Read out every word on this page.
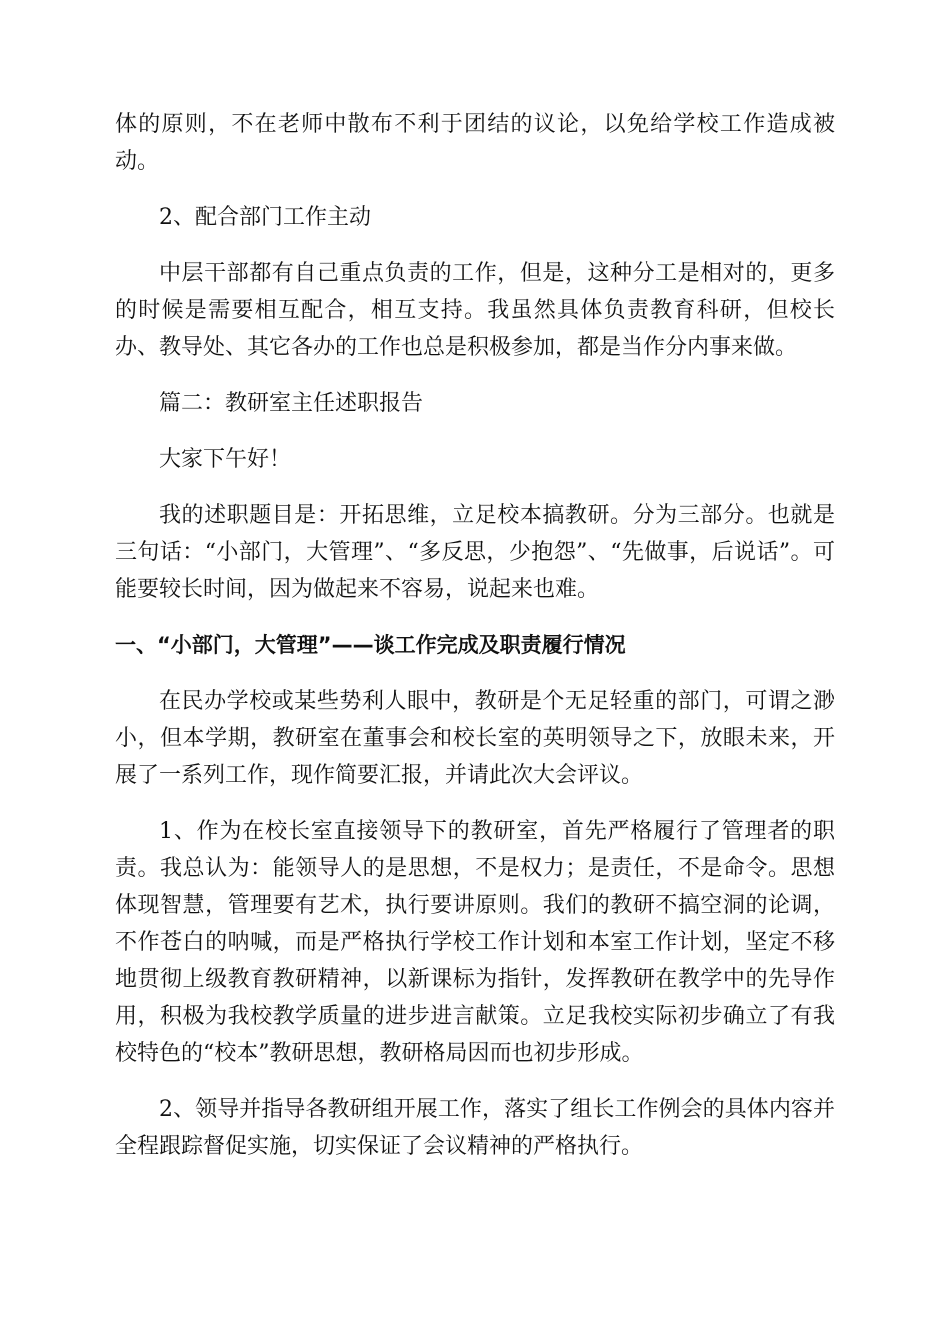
体的原则，不在老师中散布不利于团结的议论，以免给学校工作造成被动。

2、配合部门工作主动

中层干部都有自己重点负责的工作，但是，这种分工是相对的，更多的时候是需要相互配合，相互支持。我虽然具体负责教育科研，但校长办、教导处、其它各办的工作也总是积极参加，都是当作分内事来做。

篇二：教研室主任述职报告

大家下午好！

我的述职题目是：开拓思维，立足校本搞教研。分为三部分。也就是三句话：“小部门，大管理”、“多反思，少抱怨”、“先做事，后说话”。可能要较长时间，因为做起来不容易，说起来也难。

一、“小部门，大管理”——谈工作完成及职责履行情况

在民办学校或某些势利人眼中，教研是个无足轻重的部门，可谓之渺小，但本学期，教研室在董事会和校长室的英明领导之下，放眼未来，开展了一系列工作，现作简要汇报，并请此次大会评议。

1、作为在校长室直接领导下的教研室，首先严格履行了管理者的职责。我总认为：能领导人的是思想，不是权力；是责任，不是命令。思想体现智慧，管理要有艺术，执行要讲原则。我们的教研不搞空洞的论调，不作苍白的呐喊，而是严格执行学校工作计划和本室工作计划，坚定不移地贯彻上级教育教研精神，以新课标为指针，发挥教研在教学中的先导作用，积极为我校教学质量的进步进言献策。立足我校实际初步确立了有我校特色的“校本”教研思想，教研格局因而也初步形成。

2、领导并指导各教研组开展工作，落实了组长工作例会的具体内容并全程跟踪督促实施，切实保证了会议精神的严格执行。
